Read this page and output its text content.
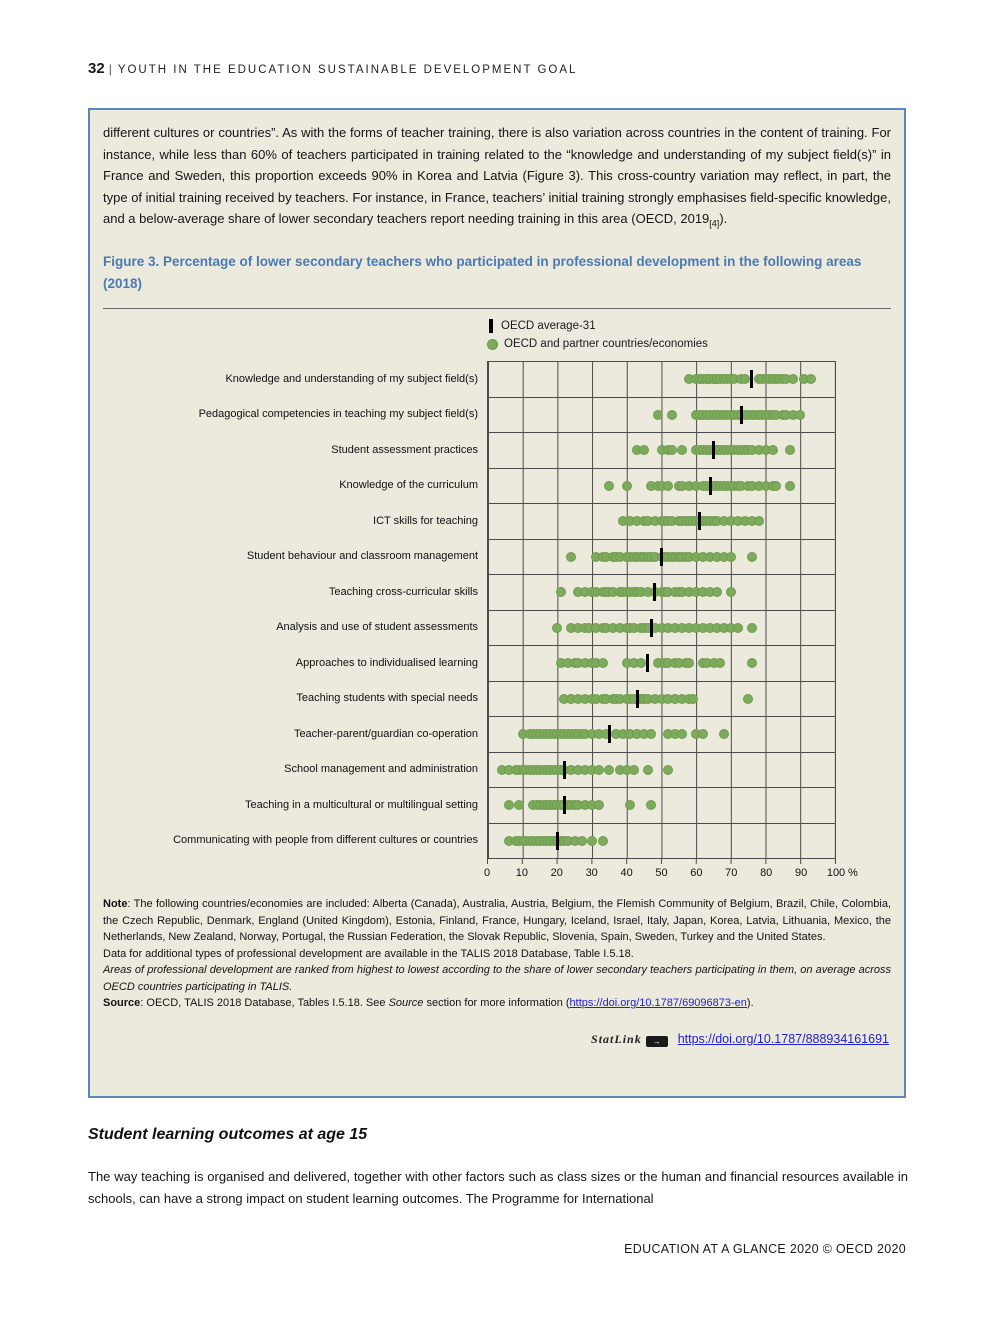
32 | YOUTH IN THE EDUCATION SUSTAINABLE DEVELOPMENT GOAL

different cultures or countries”. As with the forms of teacher training, there is also variation across countries in the content of training. For instance, while less than 60% of teachers participated in training related to the “knowledge and understanding of my subject field(s)” in France and Sweden, this proportion exceeds 90% in Korea and Latvia (Figure 3). This cross-country variation may reflect, in part, the type of initial training received by teachers. For instance, in France, teachers’ initial training strongly emphasises field-specific knowledge, and a below-average share of lower secondary teachers report needing training in this area (OECD, $2019_{[4]}$).

Figure 3. Percentage of lower secondary teachers who participated in professional development in the following areas (2018)
OECD average-31
OECD and partner countries/economies
Knowledge and understanding of my subject field(s)
Pedagogical competencies in teaching my subject field(s)
Student assessment practices
Knowledge of the curriculum
ICT skills for teaching
Student behaviour and classroom management
Teaching cross-curricular skills
Analysis and use of student assessments
Approaches to individualised learning
Teaching students with special needs
Teacher-parent/guardian co-operation
School management and administration
Teaching in a multicultural or multilingual setting
Communicating with people from different cultures or countries
0 10 20 30 40 50 60 70 80 90 100 %
Note: The following countries/economies are included: Alberta (Canada), Australia, Austria, Belgium, the Flemish Community of Belgium, Brazil, Chile, Colombia, the Czech Republic, Denmark, England (United Kingdom), Estonia, Finland, France, Hungary, Iceland, Israel, Italy, Japan, Korea, Latvia, Lithuania, Mexico, the Netherlands, New Zealand, Norway, Portugal, the Russian Federation, the Slovak Republic, Slovenia, Spain, Sweden, Turkey and the United States.
Data for additional types of professional development are available in the TALIS 2018 Database, Table I.5.18.
Areas of professional development are ranked from highest to lowest according to the share of lower secondary teachers participating in them, on average across OECD countries participating in TALIS.
Source: OECD, TALIS 2018 Database, Tables I.5.18. See Source section for more information (https://doi.org/10.1787/69096873-en).
StatLink → https://doi.org/10.1787/888934161691
Student learning outcomes at age 15

The way teaching is organised and delivered, together with other factors such as class sizes or the human and financial resources available in schools, can have a strong impact on student learning outcomes. The Programme for International

EDUCATION AT A GLANCE 2020 © OECD 2020
